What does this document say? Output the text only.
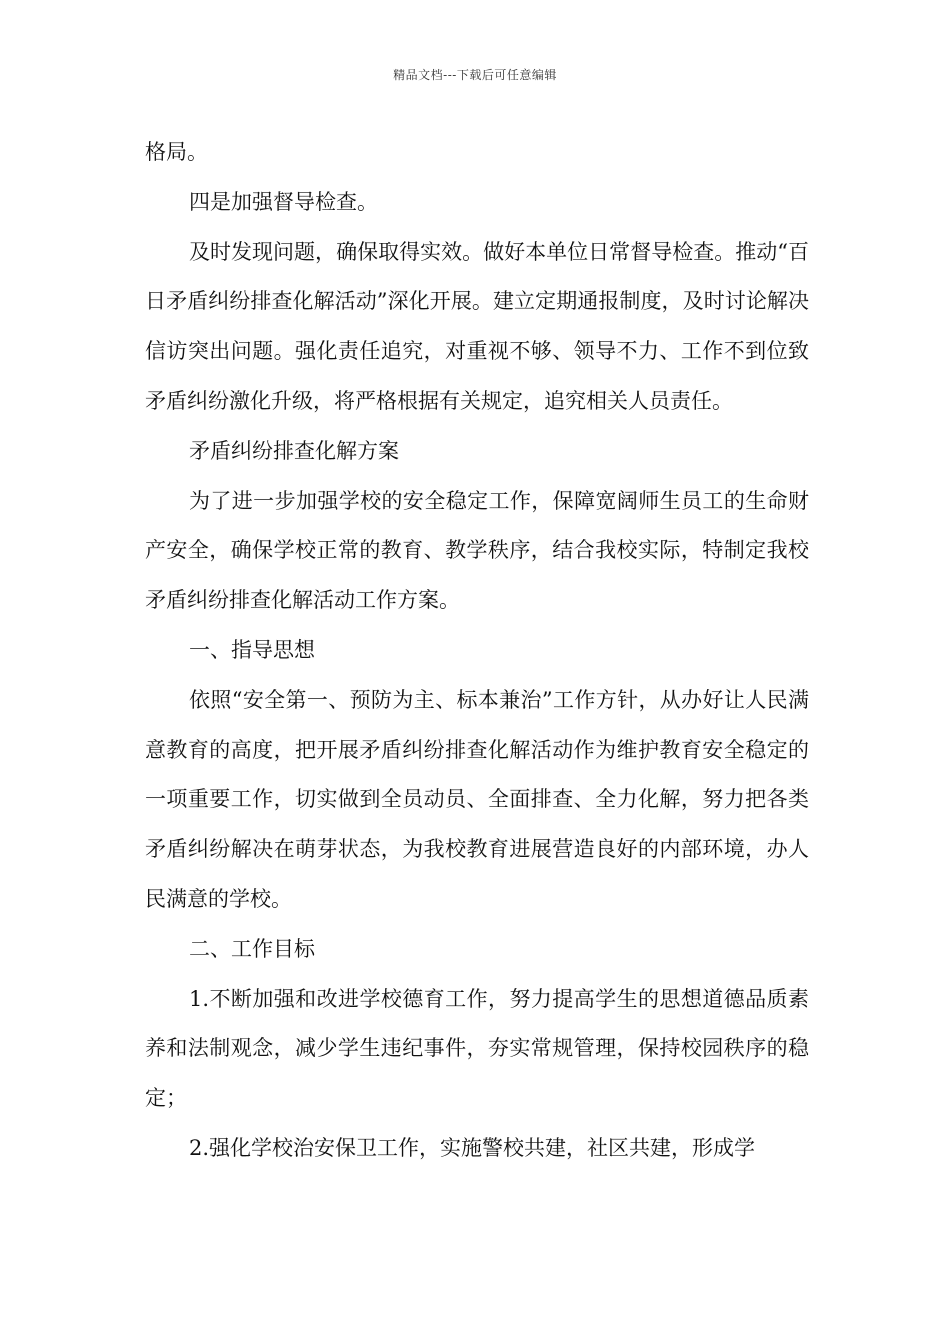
精品文档---下载后可任意编辑

格局。

四是加强督导检查。

及时发现问题，确保取得实效。做好本单位日常督导检查。推动“百日矛盾纠纷排查化解活动”深化开展。建立定期通报制度，及时讨论解决信访突出问题。强化责任追究，对重视不够、领导不力、工作不到位致矛盾纠纷激化升级，将严格根据有关规定，追究相关人员责任。

矛盾纠纷排查化解方案

为了进一步加强学校的安全稳定工作，保障宽阔师生员工的生命财产安全，确保学校正常的教育、教学秩序，结合我校实际，特制定我校矛盾纠纷排查化解活动工作方案。

一、指导思想

依照“安全第一、预防为主、标本兼治”工作方针，从办好让人民满意教育的高度，把开展矛盾纠纷排查化解活动作为维护教育安全稳定的一项重要工作，切实做到全员动员、全面排查、全力化解，努力把各类矛盾纠纷解决在萌芽状态，为我校教育进展营造良好的内部环境，办人民满意的学校。

二、工作目标

1.不断加强和改进学校德育工作，努力提高学生的思想道德品质素养和法制观念，减少学生违纪事件，夯实常规管理，保持校园秩序的稳定；

2.强化学校治安保卫工作，实施警校共建，社区共建，形成学
